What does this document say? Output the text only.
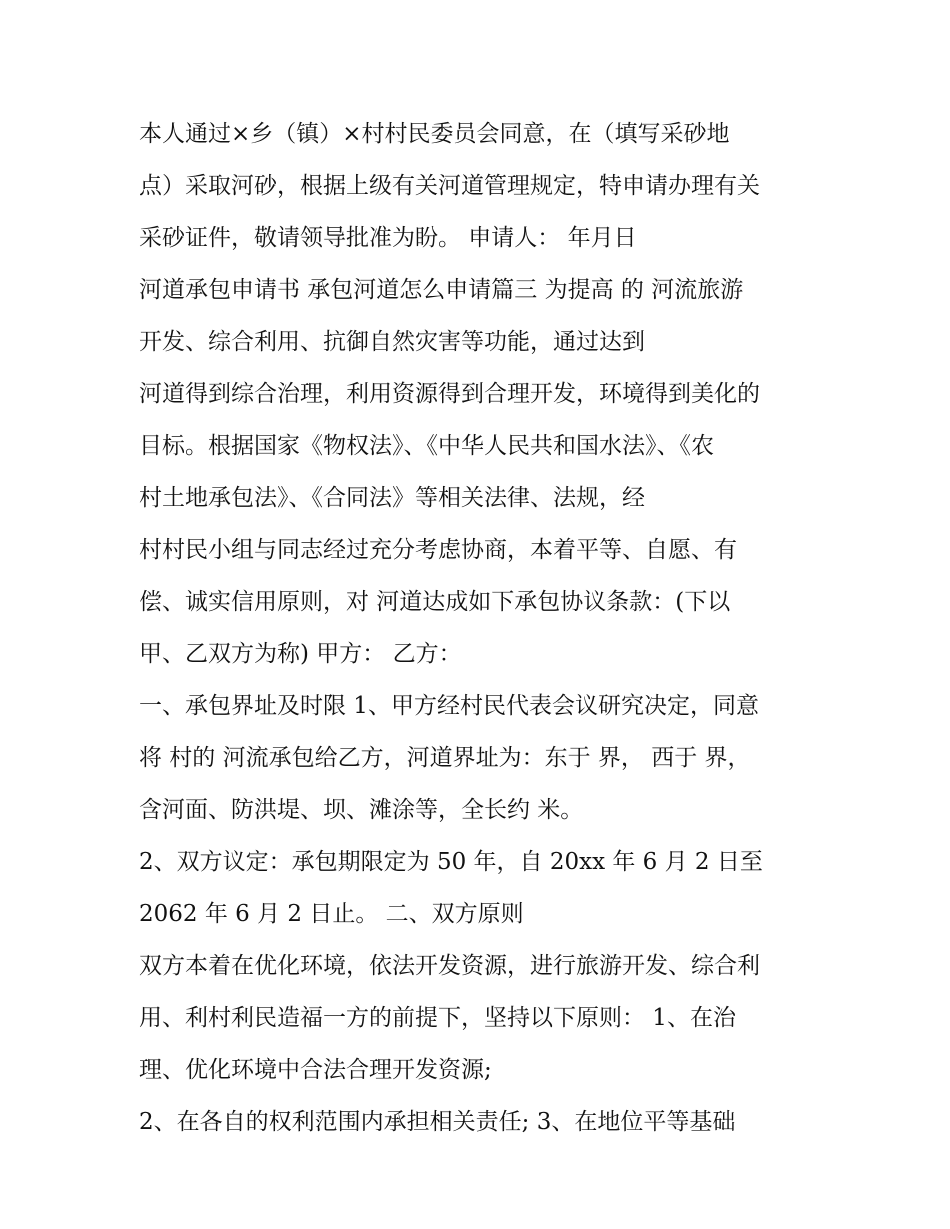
本人通过×乡（镇）×村村民委员会同意，在（填写采砂地
点）采取河砂，根据上级有关河道管理规定，特申请办理有关
采砂证件，敬请领导批准为盼。 申请人： 年月日
河道承包申请书 承包河道怎么申请篇三 为提高 的 河流旅游
开发、综合利用、抗御自然灾害等功能，通过达到
河道得到综合治理，利用资源得到合理开发，环境得到美化的
目标。根据国家《物权法》、《中华人民共和国水法》、《农
村土地承包法》、《合同法》等相关法律、法规，经
村村民小组与同志经过充分考虑协商，本着平等、自愿、有
偿、诚实信用原则，对 河道达成如下承包协议条款：(下以
甲、乙双方为称) 甲方： 乙方：
一、承包界址及时限 1、甲方经村民代表会议研究决定，同意
将 村的 河流承包给乙方，河道界址为：东于 界， 西于 界，
含河面、防洪堤、坝、滩涂等，全长约 米。
2、双方议定：承包期限定为 50 年，自 20xx 年 6 月 2 日至
2062 年 6 月 2 日止。 二、双方原则
双方本着在优化环境，依法开发资源，进行旅游开发、综合利
用、利村利民造福一方的前提下，坚持以下原则： 1、在治
理、优化环境中合法合理开发资源;
2、在各自的权利范围内承担相关责任; 3、在地位平等基础
